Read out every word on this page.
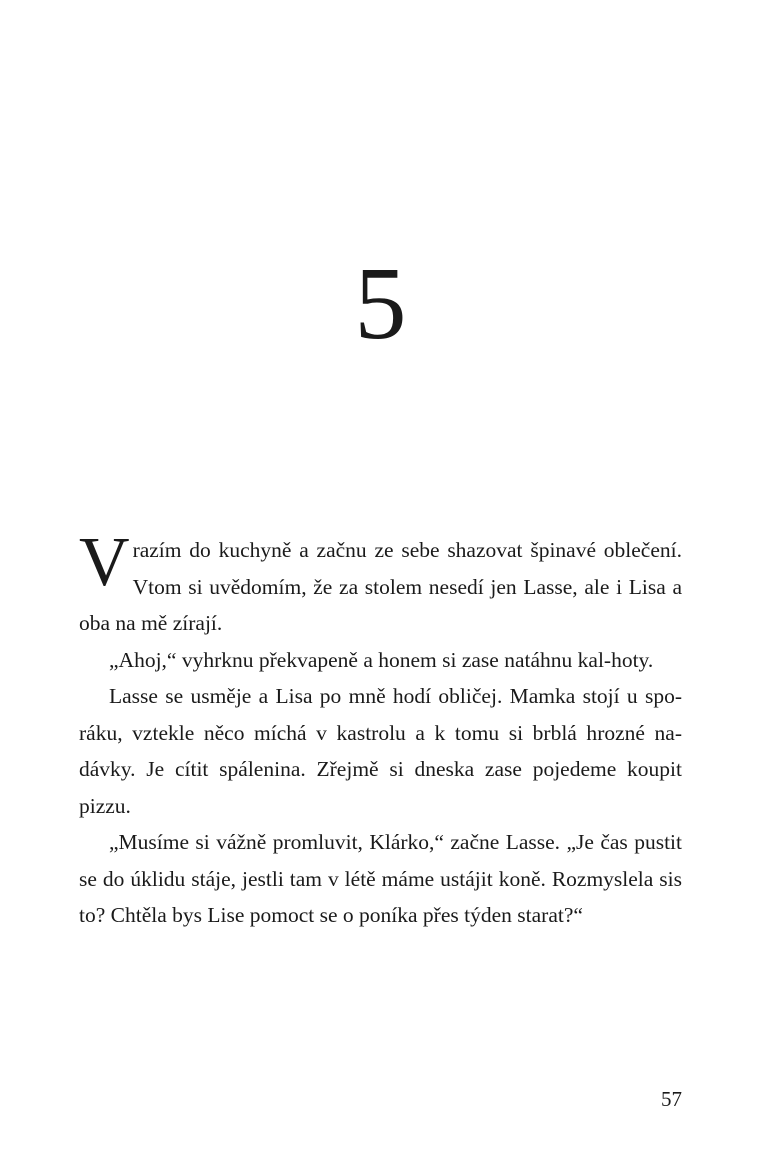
5

Vrazím do kuchyně a začnu ze sebe shazovat špinavé oblečení. Vtom si uvědomím, že za stolem nesedí jen Lasse, ale i Lisa a oba na mě zírají.

„Ahoj,“ vyhrknu překvapeně a honem si zase natáhnu kal-hoty.

Lasse se usměje a Lisa po mně hodí obličej. Mamka stojí u spo-ráku, vztekle něco míchá v kastrolu a k tomu si brblá hrozné na-dávky. Je cítit spálenina. Zřejmě si dneska zase pojedeme koupit pizzu.

„Musíme si vážně promluvit, Klárko,“ začne Lasse. „Je čas pustit se do úklidu stáje, jestli tam v létě máme ustájit koně. Rozmyslela sis to? Chtěla bys Lise pomoct se o poníka přes týden starat?“

57
